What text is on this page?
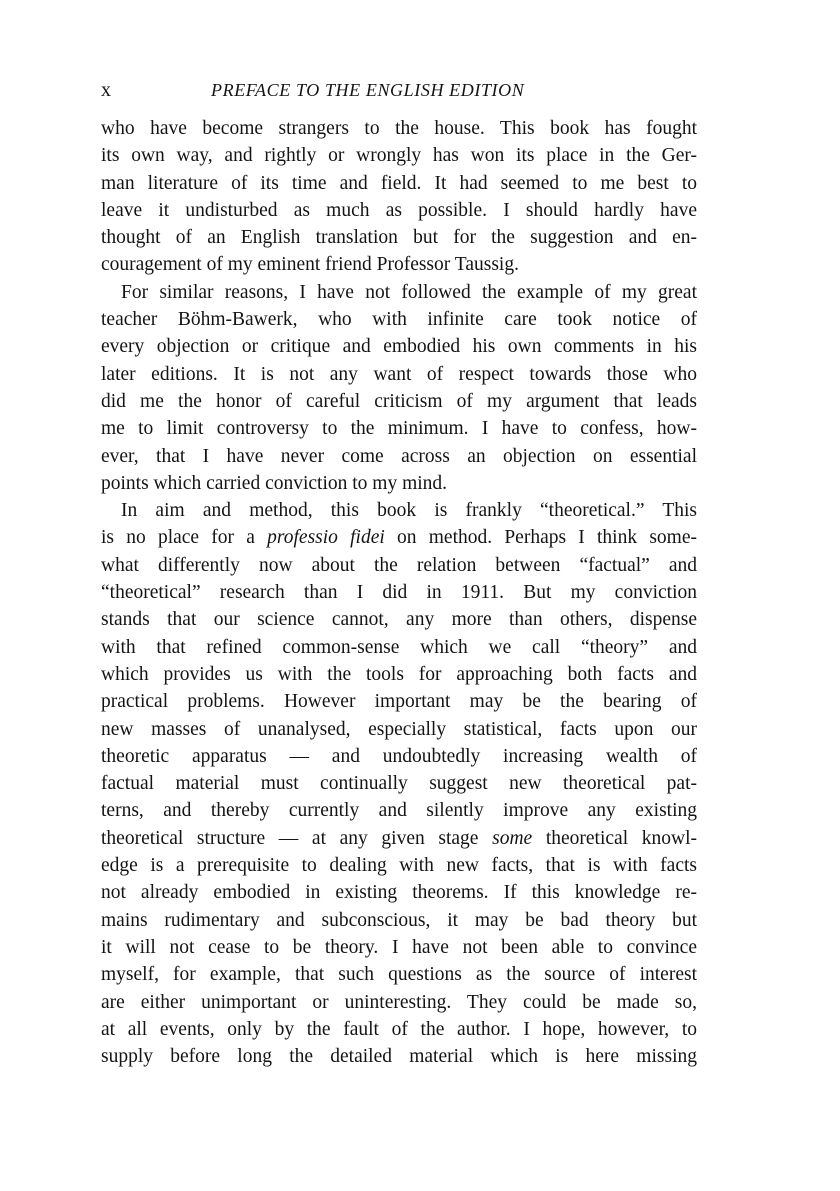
x	PREFACE TO THE ENGLISH EDITION
who have become strangers to the house. This book has fought
its own way, and rightly or wrongly has won its place in the Ger-
man literature of its time and field. It had seemed to me best to
leave it undisturbed as much as possible. I should hardly have
thought of an English translation but for the suggestion and en-
couragement of my eminent friend Professor Taussig.
For similar reasons, I have not followed the example of my great
teacher Böhm-Bawerk, who with infinite care took notice of
every objection or critique and embodied his own comments in his
later editions. It is not any want of respect towards those who
did me the honor of careful criticism of my argument that leads
me to limit controversy to the minimum. I have to confess, how-
ever, that I have never come across an objection on essential
points which carried conviction to my mind.
In aim and method, this book is frankly “theoretical.” This
is no place for a professio fidei on method. Perhaps I think some-
what differently now about the relation between “factual” and
“theoretical” research than I did in 1911. But my conviction
stands that our science cannot, any more than others, dispense
with that refined common-sense which we call “theory” and
which provides us with the tools for approaching both facts and
practical problems. However important may be the bearing of
new masses of unanalysed, especially statistical, facts upon our
theoretic apparatus — and undoubtedly increasing wealth of
factual material must continually suggest new theoretical pat-
terns, and thereby currently and silently improve any existing
theoretical structure — at any given stage some theoretical knowl-
edge is a prerequisite to dealing with new facts, that is with facts
not already embodied in existing theorems. If this knowledge re-
mains rudimentary and subconscious, it may be bad theory but
it will not cease to be theory. I have not been able to convince
myself, for example, that such questions as the source of interest
are either unimportant or uninteresting. They could be made so,
at all events, only by the fault of the author. I hope, however, to
supply before long the detailed material which is here missing
